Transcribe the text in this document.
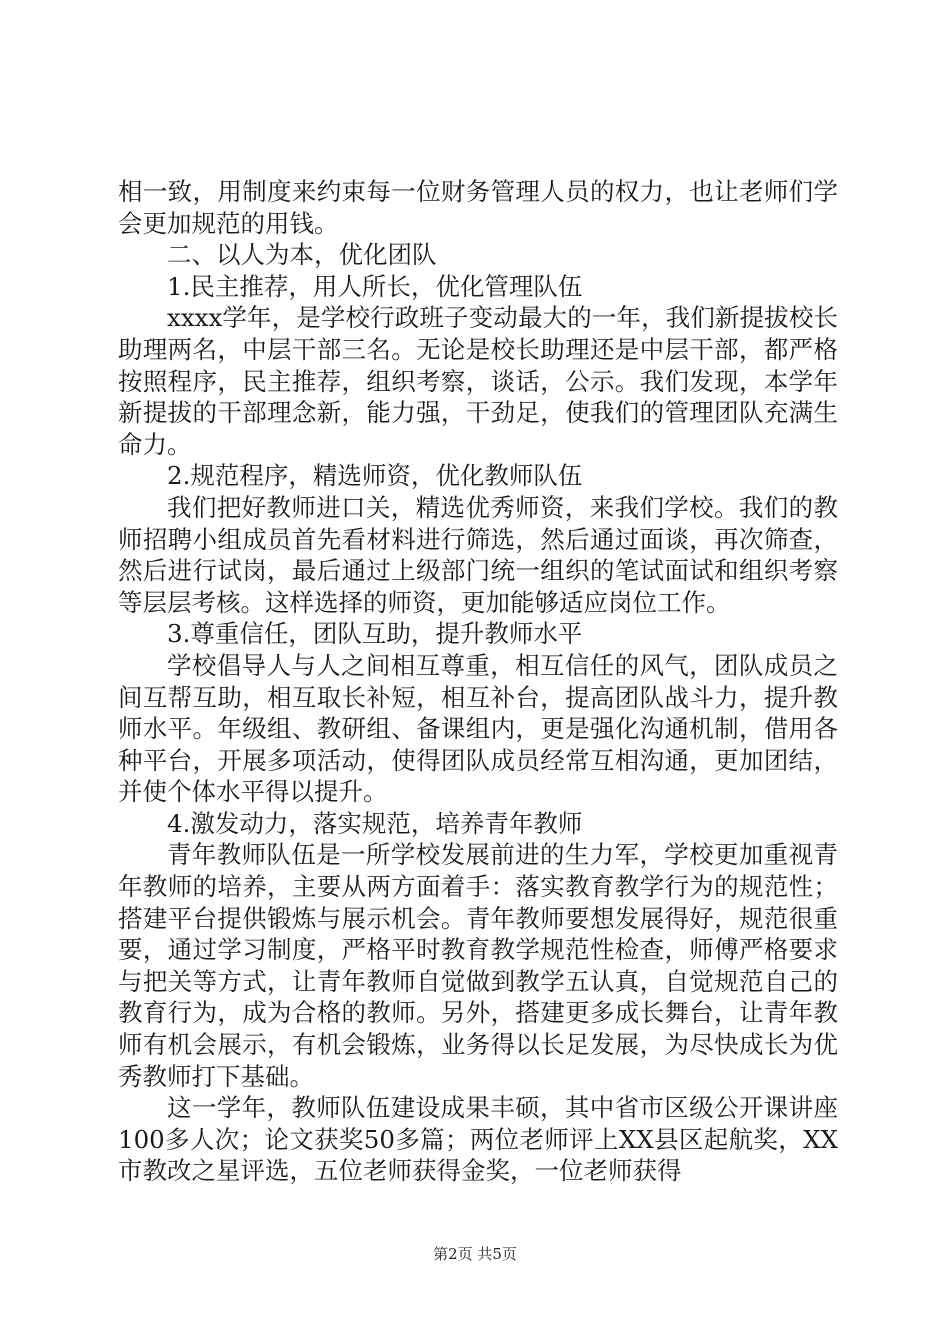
相一致，用制度来约束每一位财务管理人员的权力，也让老师们学会更加规范的用钱。

二、以人为本，优化团队

1.民主推荐，用人所长，优化管理队伍

xxxx学年，是学校行政班子变动最大的一年，我们新提拔校长助理两名，中层干部三名。无论是校长助理还是中层干部，都严格按照程序，民主推荐，组织考察，谈话，公示。我们发现，本学年新提拔的干部理念新，能力强，干劲足，使我们的管理团队充满生命力。

2.规范程序，精选师资，优化教师队伍

我们把好教师进口关，精选优秀师资，来我们学校。我们的教师招聘小组成员首先看材料进行筛选，然后通过面谈，再次筛查，然后进行试岗，最后通过上级部门统一组织的笔试面试和组织考察等层层考核。这样选择的师资，更加能够适应岗位工作。

3.尊重信任，团队互助，提升教师水平

学校倡导人与人之间相互尊重，相互信任的风气，团队成员之间互帮互助，相互取长补短，相互补台，提高团队战斗力，提升教师水平。年级组、教研组、备课组内，更是强化沟通机制，借用各种平台，开展多项活动，使得团队成员经常互相沟通，更加团结，并使个体水平得以提升。

4.激发动力，落实规范，培养青年教师

青年教师队伍是一所学校发展前进的生力军，学校更加重视青年教师的培养，主要从两方面着手：落实教育教学行为的规范性；搭建平台提供锻炼与展示机会。青年教师要想发展得好，规范很重要，通过学习制度，严格平时教育教学规范性检查，师傅严格要求与把关等方式，让青年教师自觉做到教学五认真，自觉规范自己的教育行为，成为合格的教师。另外，搭建更多成长舞台，让青年教师有机会展示，有机会锻炼，业务得以长足发展，为尽快成长为优秀教师打下基础。

这一学年，教师队伍建设成果丰硕，其中省市区级公开课讲座100多人次；论文获奖50多篇；两位老师评上XX县区起航奖，XX市教改之星评选，五位老师获得金奖，一位老师获得

第2页 共5页
